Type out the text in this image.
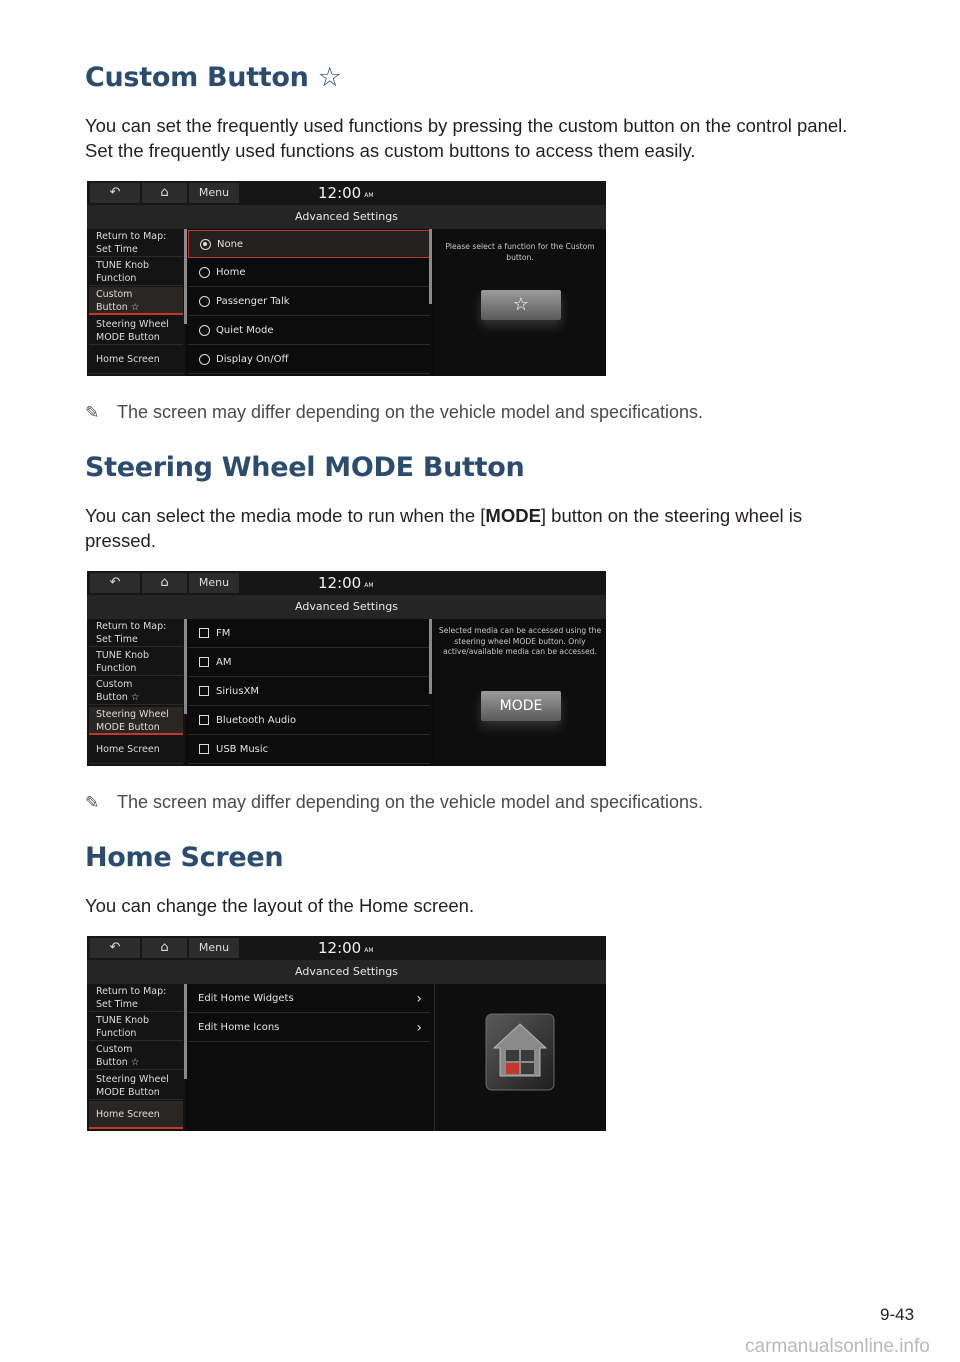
Custom Button ☆
You can set the frequently used functions by pressing the custom button on the control panel. Set the frequently used functions as custom buttons to access them easily.
↶	⌂	Menu	12:00 AM
Advanced Settings
Return to Map:
Set Time
TUNE Knob
Function
Custom
Button ☆
Steering Wheel
MODE Button
Home Screen
None
Home
Passenger Talk
Quiet Mode
Display On/Off
Please select a function for the Custom button.
☆
✎ The screen may differ depending on the vehicle model and specifications.
Steering Wheel MODE Button
You can select the media mode to run when the [MODE] button on the steering wheel is pressed.
↶	⌂	Menu	12:00 AM
Advanced Settings
Return to Map:
Set Time
TUNE Knob
Function
Custom
Button ☆
Steering Wheel
MODE Button
Home Screen
FM
AM
SiriusXM
Bluetooth Audio
USB Music
Selected media can be accessed using the steering wheel MODE button. Only active/available media can be accessed.
MODE
✎ The screen may differ depending on the vehicle model and specifications.
Home Screen
You can change the layout of the Home screen.
↶	⌂	Menu	12:00 AM
Advanced Settings
Return to Map:
Set Time
TUNE Knob
Function
Custom
Button ☆
Steering Wheel
MODE Button
Home Screen
Edit Home Widgets	›
Edit Home Icons	›
9-43
carmanualsonline.info
